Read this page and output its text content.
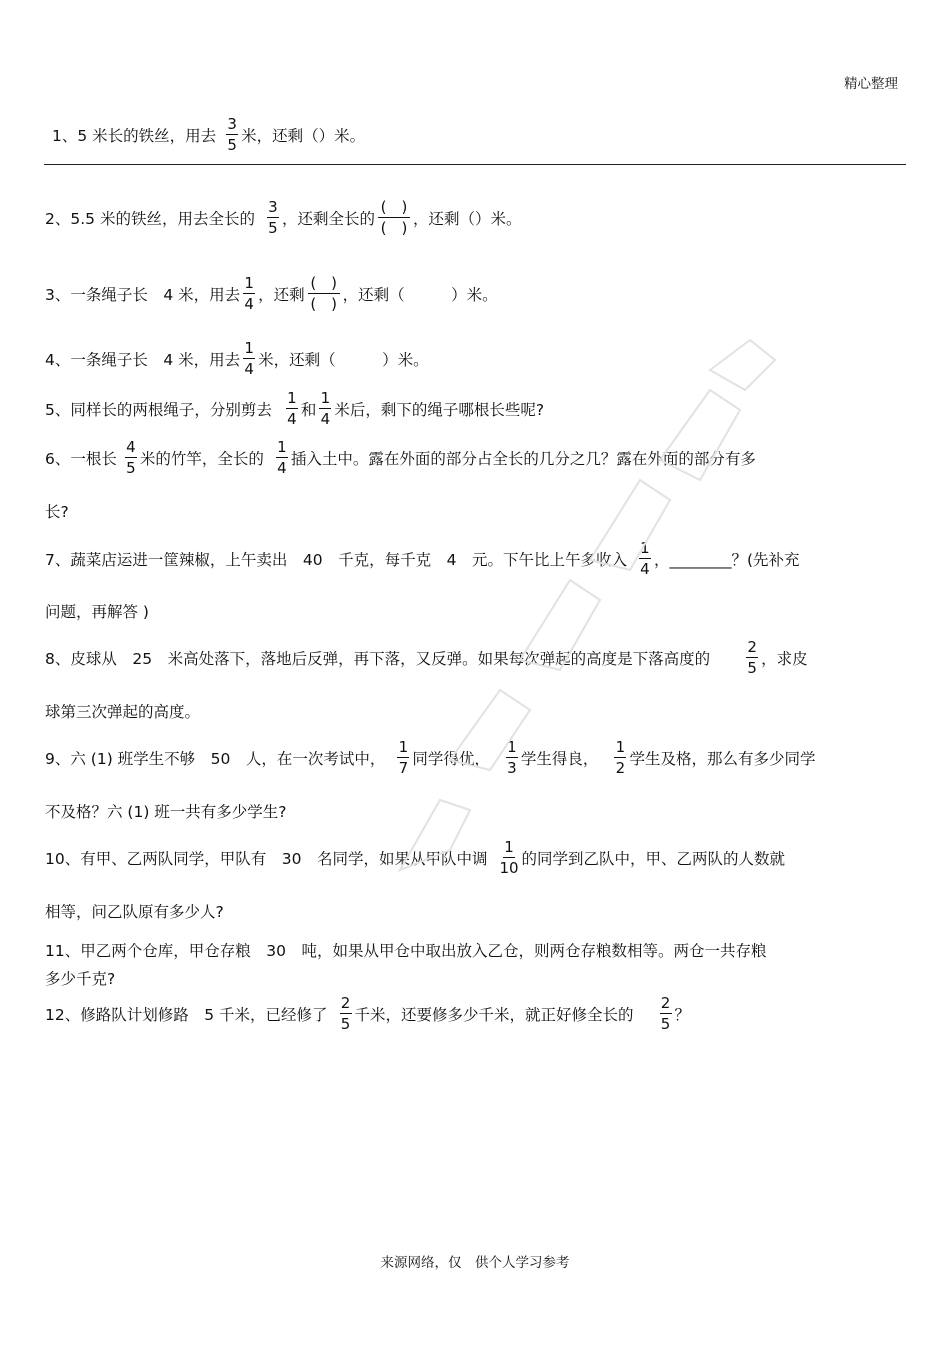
精心整理
1、5 米长的铁丝，用去 $\frac{3}{5}$ 米，还剩（）米。
2、5.5 米的铁丝，用去全长的 $\frac{3}{5}$ ，还剩全长的 $\frac{( )}{( )}$ ，还剩（）米。
3、一条绳子长　4 米，用去 $\frac{1}{4}$ ，还剩 $\frac{( )}{( )}$ ，还剩（　　　）米。
4、一条绳子长　4 米，用去 $\frac{1}{4}$ 米，还剩（　　　）米。
5、同样长的两根绳子，分别剪去 $\frac{1}{4}$ 和 $\frac{1}{4}$ 米后，剩下的绳子哪根长些呢?
6、一根长 $\frac{4}{5}$ 米的竹竿，全长的 $\frac{1}{4}$ 插入土中。露在外面的部分占全长的几分之几？露在外面的部分有多
长?
7、蔬菜店运进一筐辣椒，上午卖出　40　千克，每千克　4　元。下午比上午多收入 $\frac{1}{4}$ ，________？(先补充
问题，再解答 )
8、皮球从　25　米高处落下，落地后反弹，再下落，又反弹。如果每次弹起的高度是下落高度的 $\frac{2}{5}$ ，求皮
球第三次弹起的高度。
9、六 (1) 班学生不够　50　人，在一次考试中， $\frac{1}{7}$ 同学得优， $\frac{1}{3}$ 学生得良， $\frac{1}{2}$ 学生及格，那么有多少同学
不及格？六 (1) 班一共有多少学生?
10、有甲、乙两队同学，甲队有　30　名同学，如果从甲队中调 $\frac{1}{10}$ 的同学到乙队中，甲、乙两队的人数就
相等，问乙队原有多少人?
11、甲乙两个仓库，甲仓存粮　30　吨，如果从甲仓中取出放入乙仓，则两仓存粮数相等。两仓一共存粮
多少千克?
12、修路队计划修路　5 千米，已经修了 $\frac{2}{5}$ 千米，还要修多少千米，就正好修全长的 $\frac{2}{5}$ ？
来源网络，仅　供个人学习参考
